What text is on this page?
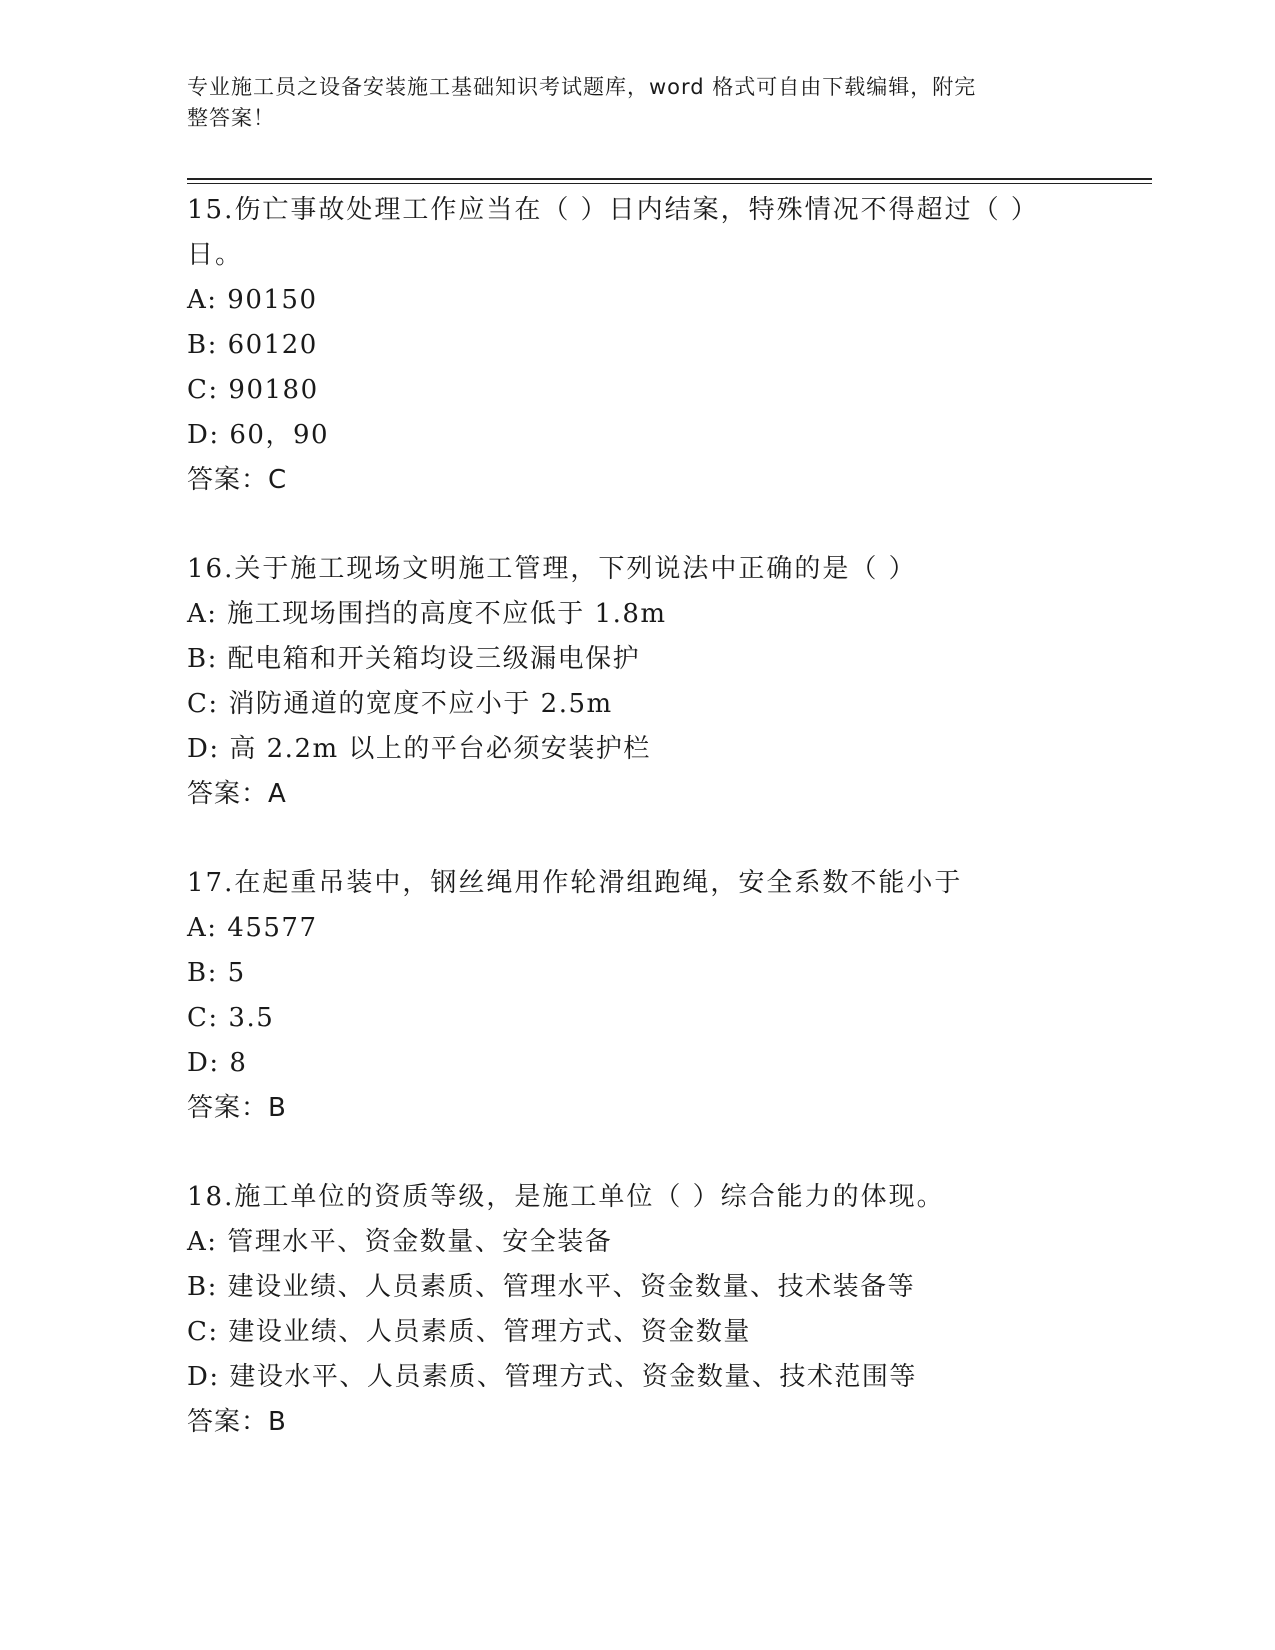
专业施工员之设备安装施工基础知识考试题库，word 格式可自由下载编辑，附完
整答案！

15.伤亡事故处理工作应当在（ ）日内结案，特殊情况不得超过（ ）

日。

A: 90150

B: 60120

C: 90180

D: 60，90

答案：C

16.关于施工现场文明施工管理，下列说法中正确的是（ ）

A: 施工现场围挡的高度不应低于 1.8m

B: 配电箱和开关箱均设三级漏电保护

C: 消防通道的宽度不应小于 2.5m

D: 高 2.2m 以上的平台必须安装护栏

答案：A

17.在起重吊装中，钢丝绳用作轮滑组跑绳，安全系数不能小于

A: 45577

B: 5

C: 3.5

D: 8

答案：B

18.施工单位的资质等级，是施工单位（ ）综合能力的体现。

A: 管理水平、资金数量、安全装备

B: 建设业绩、人员素质、管理水平、资金数量、技术装备等

C: 建设业绩、人员素质、管理方式、资金数量

D: 建设水平、人员素质、管理方式、资金数量、技术范围等

答案：B
